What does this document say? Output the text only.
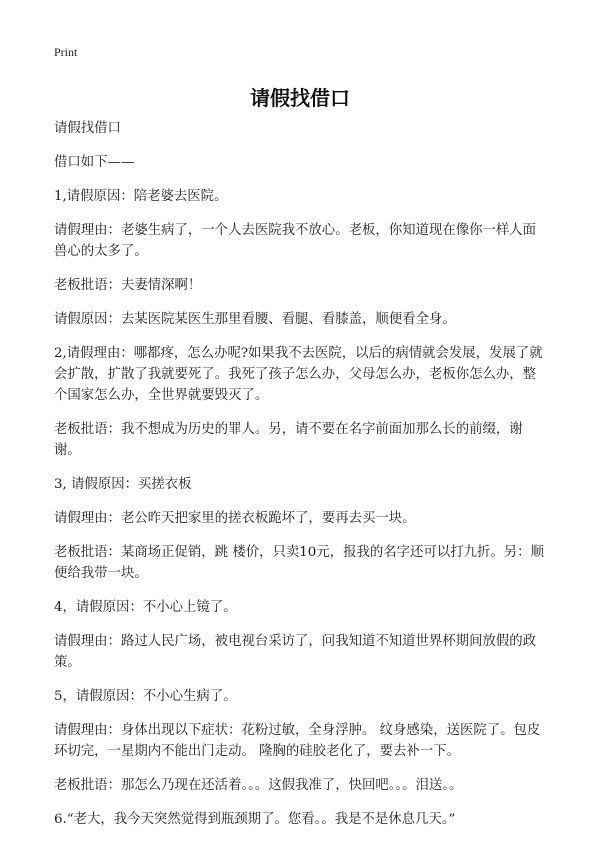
Print
请假找借口

请假找借口

借口如下——

1,请假原因：陪老婆去医院。

请假理由：老婆生病了，一个人去医院我不放心。老板，你知道现在像你一样人面兽心的太多了。

老板批语：夫妻情深啊！

请假原因：去某医院某医生那里看腰、看腿、看膝盖，顺便看全身。

2,请假理由：哪都疼，怎么办呢?如果我不去医院，以后的病情就会发展，发展了就会扩散，扩散了我就要死了。我死了孩子怎么办，父母怎么办，老板你怎么办，整个国家怎么办，全世界就要毁灭了。

老板批语：我不想成为历史的罪人。另，请不要在名字前面加那么长的前缀，谢谢。

3, 请假原因：买搓衣板

请假理由：老公昨天把家里的搓衣板跪坏了，要再去买一块。

老板批语：某商场正促销，跳 楼价，只卖10元，报我的名字还可以打九折。另：顺便给我带一块。

4，请假原因：不小心上镜了。

请假理由：路过人民广场，被电视台采访了，问我知道不知道世界杯期间放假的政策。

5，请假原因：不小心生病了。

请假理由：身体出现以下症状：花粉过敏，全身浮肿。 纹身感染，送医院了。包皮环切完，一星期内不能出门走动。 隆胸的硅胶老化了，要去补一下。

老板批语：那怎么乃现在还活着。。。这假我准了，快回吧。。。泪送。。

6.“老大，我今天突然觉得到瓶颈期了。您看。。我是不是休息几天。”
